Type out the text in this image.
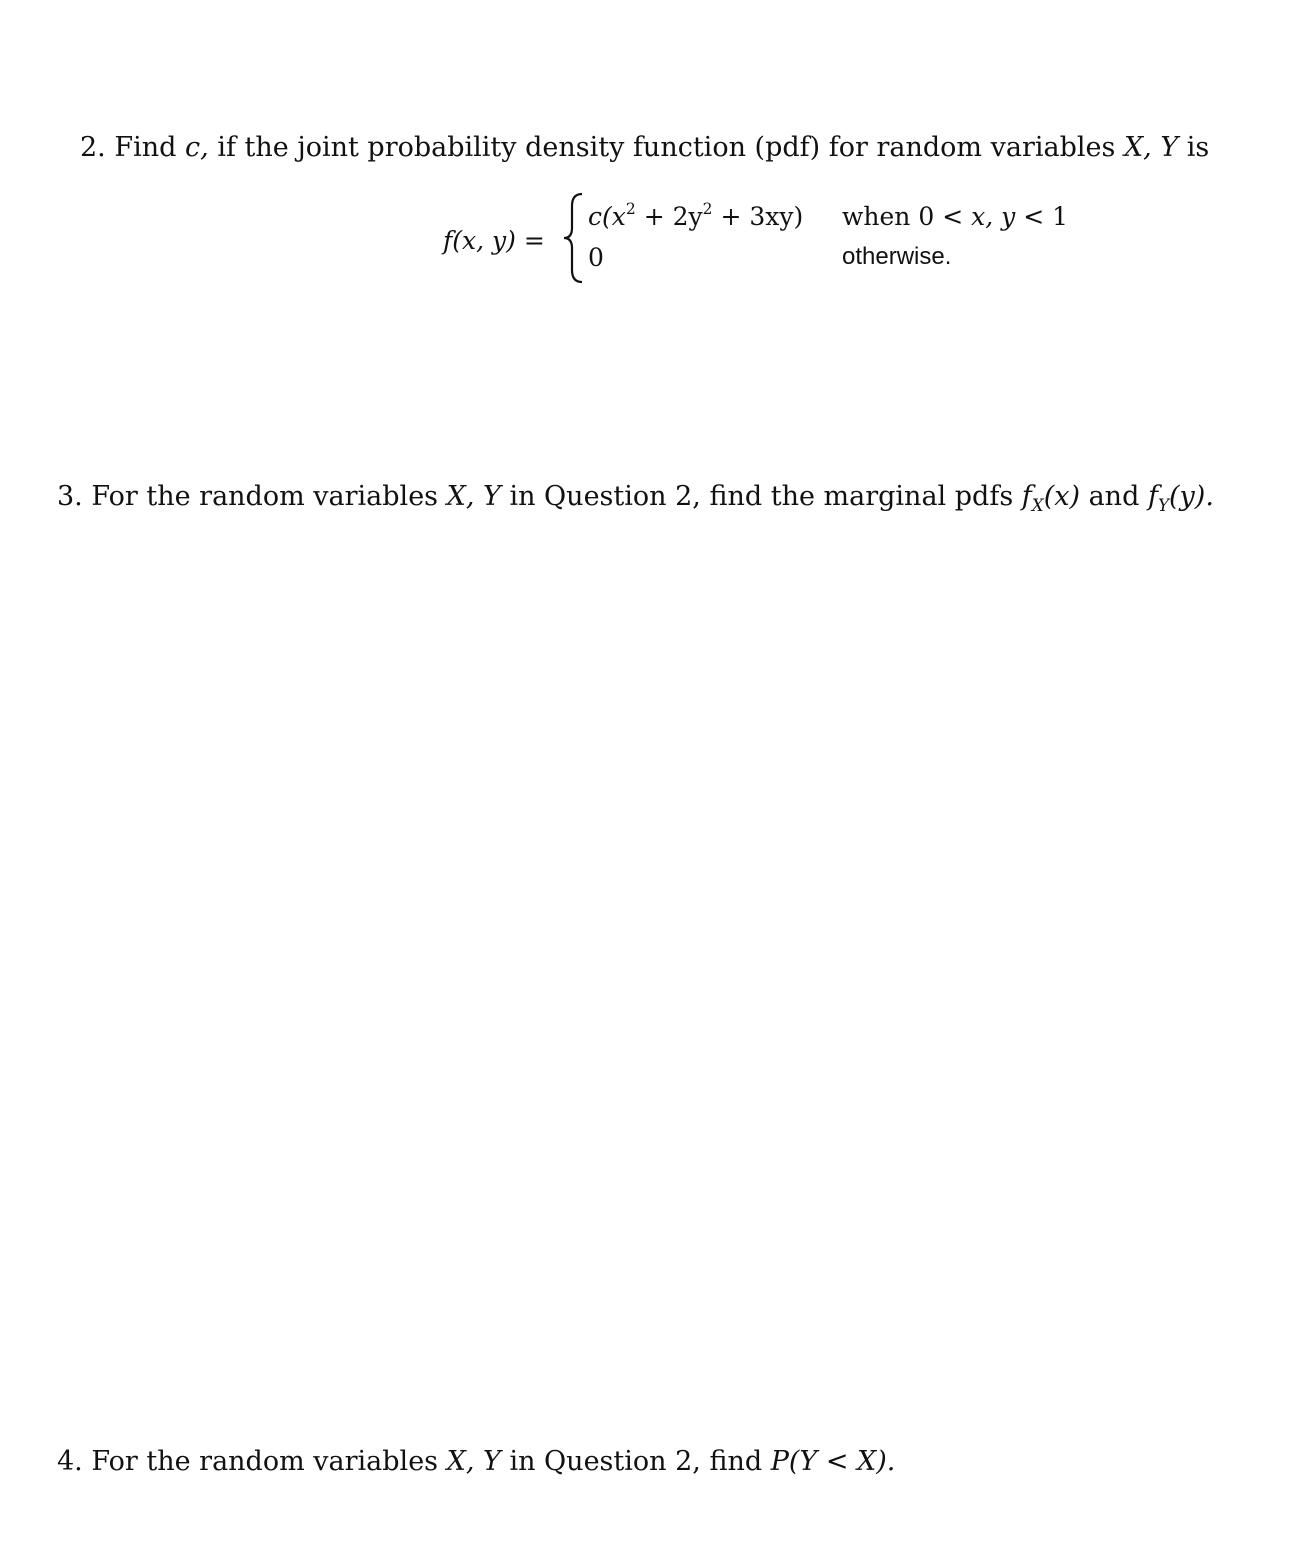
2. Find c, if the joint probability density function (pdf) for random variables X, Y is
f(x, y) =
$c(x^2 + 2y^2 + 3xy)$ when 0 < x, y < 1
0	otherwise.
3. For the random variables X, Y in Question 2, find the marginal pdfs $f_X(x)$ and $f_Y(y)$.
4. For the random variables X, Y in Question 2, find P(Y < X).
